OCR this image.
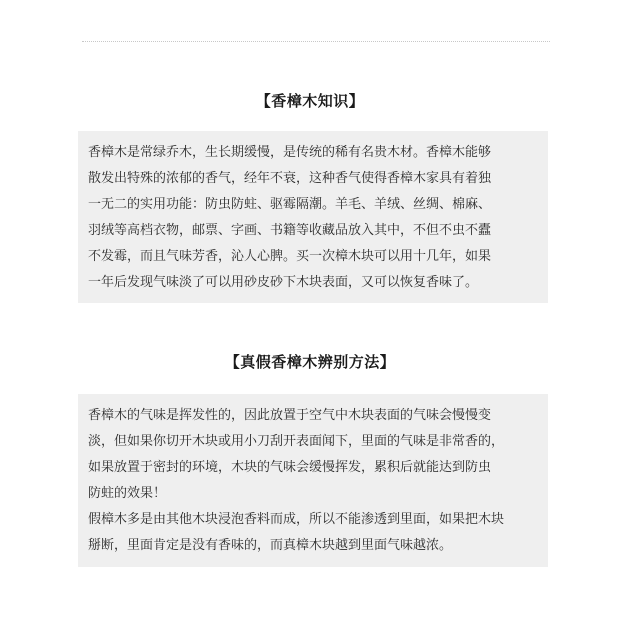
【香樟木知识】
香樟木是常绿乔木，生长期缓慢，是传统的稀有名贵木材。香樟木能够
散发出特殊的浓郁的香气，经年不衰，这种香气使得香樟木家具有着独
一无二的实用功能：防虫防蛀、驱霉隔潮。羊毛、羊绒、丝绸、棉麻、
羽绒等高档衣物，邮票、字画、书籍等收藏品放入其中，不但不虫不蠹
不发霉，而且气味芳香，沁人心脾。买一次樟木块可以用十几年，如果
一年后发现气味淡了可以用砂皮砂下木块表面，又可以恢复香味了。
【真假香樟木辨别方法】
香樟木的气味是挥发性的，因此放置于空气中木块表面的气味会慢慢变
淡，但如果你切开木块或用小刀刮开表面闻下，里面的气味是非常香的，
如果放置于密封的环境，木块的气味会缓慢挥发，累积后就能达到防虫
防蛀的效果！
假樟木多是由其他木块浸泡香料而成，所以不能渗透到里面，如果把木块
掰断，里面肯定是没有香味的，而真樟木块越到里面气味越浓。
